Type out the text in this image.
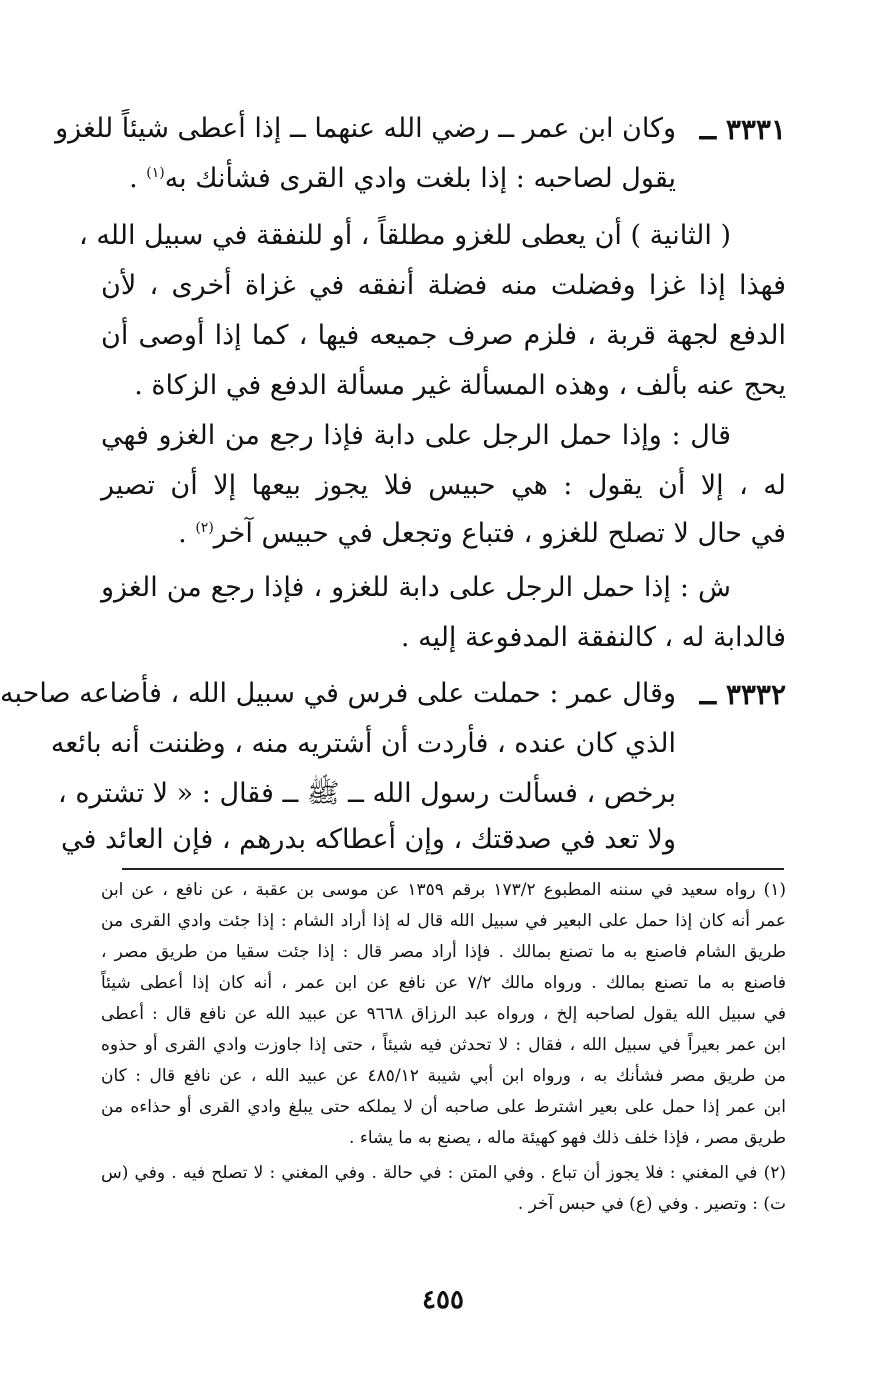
٣٣٣١ ــ
وكان ابن عمر ــ رضي الله عنهما ــ إذا أعطى شيئاً للغزو
يقول لصاحبه : إذا بلغت وادي القرى فشأنك به$^{(١)}$ .
( الثانية ) أن يعطى للغزو مطلقاً ، أو للنفقة في سبيل الله ،
فهذا إذا غزا وفضلت منه فضلة أنفقه في غزاة أخرى ، لأن
الدفع لجهة قربة ، فلزم صرف جميعه فيها ، كما إذا أوصى أن
يحج عنه بألف ، وهذه المسألة غير مسألة الدفع في الزكاة .
قال : وإذا حمل الرجل على دابة فإذا رجع من الغزو فهي
له ، إلا أن يقول : هي حبيس فلا يجوز بيعها إلا أن تصير
في حال لا تصلح للغزو ، فتباع وتجعل في حبيس آخر$^{(٢)}$ .
ش : إذا حمل الرجل على دابة للغزو ، فإذا رجع من الغزو
فالدابة له ، كالنفقة المدفوعة إليه .
٣٣٣٢ ــ
وقال عمر : حملت على فرس في سبيل الله ، فأضاعه صاحبه
الذي كان عنده ، فأردت أن أشتريه منه ، وظننت أنه بائعه
برخص ، فسألت رسول الله ــ ﷺ ــ فقال : « لا تشتره ،
ولا تعد في صدقتك ، وإن أعطاكه بدرهم ، فإن العائد في
(١) رواه سعيد في سننه المطبوع ١٧٣/٢ برقم ١٣٥٩ عن موسى بن عقبة ، عن نافع ، عن ابن
عمر أنه كان إذا حمل على البعير في سبيل الله قال له إذا أراد الشام : إذا جئت وادي القرى من
طريق الشام فاصنع به ما تصنع بمالك . فإذا أراد مصر قال : إذا جئت سقيا من طريق مصر ،
فاصنع به ما تصنع بمالك . ورواه مالك ٧/٢ عن نافع عن ابن عمر ، أنه كان إذا أعطى شيئاً
في سبيل الله يقول لصاحبه إلخ ، ورواه عبد الرزاق ٩٦٦٨ عن عبيد الله عن نافع قال : أعطى
ابن عمر بعيراً في سبيل الله ، فقال : لا تحدثن فيه شيئاً ، حتى إذا جاوزت وادي القرى أو حذوه
من طريق مصر فشأنك به ، ورواه ابن أبي شيبة ٤٨٥/١٢ عن عبيد الله ، عن نافع قال : كان
ابن عمر إذا حمل على بعير اشترط على صاحبه أن لا يملكه حتى يبلغ وادي القرى أو حذاءه من
طريق مصر ، فإذا خلف ذلك فهو كهيئة ماله ، يصنع به ما يشاء .
(٢) في المغني : فلا يجوز أن تباع . وفي المتن : في حالة . وفي المغني : لا تصلح فيه . وفي (س
ت) : وتصير . وفي (ع) في حبس آخر .
٤٥٥
